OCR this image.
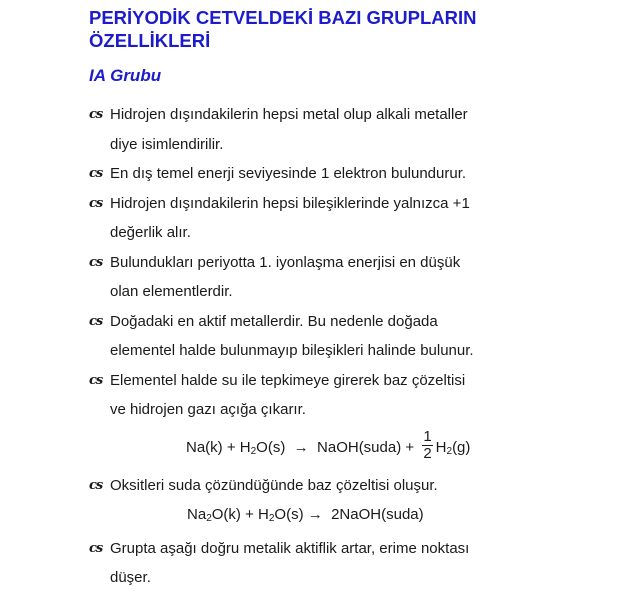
PERİYODİK CETVELDEKİ BAZI GRUPLARIN ÖZELLİKLERİ
IA Grubu
cs Hidrojen dışındakilerin hepsi metal olup alkali metaller
diye isimlendirilir.
cs En dış temel enerji seviyesinde 1 elektron bulundurur.
cs Hidrojen dışındakilerin hepsi bileşiklerinde yalnızca +1
değerlik alır.
cs Bulundukları periyotta 1. iyonlaşma enerjisi en düşük
olan elementlerdir.
cs Doğadaki en aktif metallerdir. Bu nedenle doğada
elementel halde bulunmayıp bileşikleri halinde bulunur.
cs Elementel halde su ile tepkimeye girerek baz çözeltisi
ve hidrojen gazı açığa çıkarır.
$Na(k) + H_2O(s)$ → NaOH(suda) + $\frac{1}{2} H_2(g)$
cs Oksitleri suda çözündüğünde baz çözeltisi oluşur.
$Na_2O(k) + H_2O(s)$ → 2NaOH(suda)
cs Grupta aşağı doğru metalik aktiflik artar, erime noktası
düşer.
